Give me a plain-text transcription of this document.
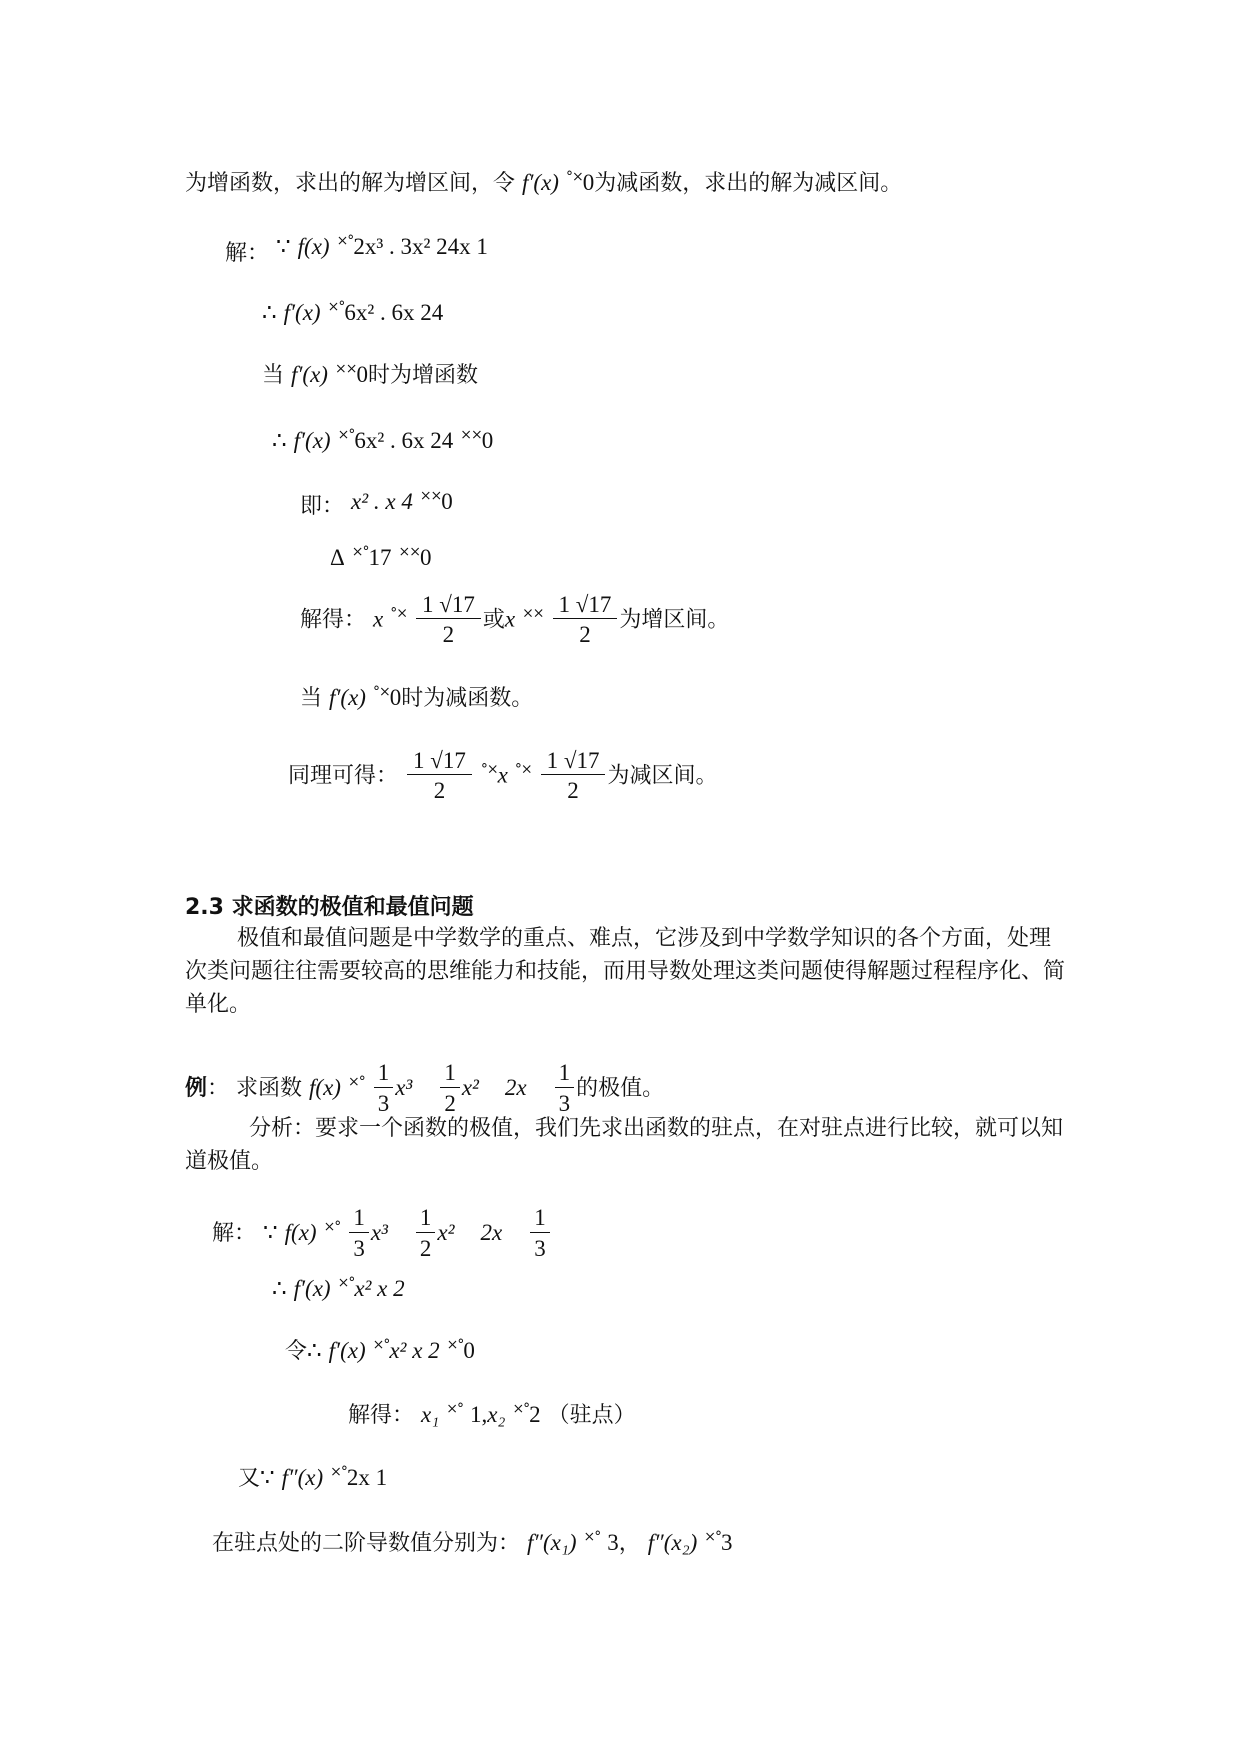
为增函数，求出的解为增区间，令 f′(x) °×0为减函数，求出的解为减区间。
解： ∵ f(x) ×°2x³ . 3x² 24x 1
∴ f′(x) ×°6x² . 6x 24
当 f′(x) ××0时为增函数
∴ f′(x) ×°6x² . 6x 24 ××0
即： x² . x 4 ××0
Δ ×°17 ××0
解得： x $^{^\circ\times} \frac{1 √17}{2}$ 或x $^{\times\times} \frac{1 √17}{2}$ 为增区间。
当 f′(x) °×0时为减函数。
同理可得： $\frac{1 √17}{2} ^{^\circ\times}x$ $^{^\circ\times} \frac{1 √17}{2}$ 为减区间。
2.3 求函数的极值和最值问题
极值和最值问题是中学数学的重点、难点，它涉及到中学数学知识的各个方面，处理次类问题往往需要较高的思维能力和技能，而用导数处理这类问题使得解题过程程序化、简单化。
例： 求函数 f(x) $^{\times^\circ} \frac{1}{3} x^3 \frac{1}{2} x^2$ $2x \frac{1}{3}$ 的极值。
分析：要求一个函数的极值，我们先求出函数的驻点，在对驻点进行比较，就可以知道极值。
解： ∵ f(x) $^{\times^\circ} \frac{1}{3} x^3 \frac{1}{2} x^2$ $2x \frac{1}{3}$
∴ f′(x) ×°x² x 2
令∴ f′(x) ×°x² x 2 ×°0
解得： x₁ ×° 1,x₂ ×°2 （驻点）
又∵ f″(x) ×°2x 1
在驻点处的二阶导数值分别为： f″(x₁) ×° 3， f″(x₂) ×°3
